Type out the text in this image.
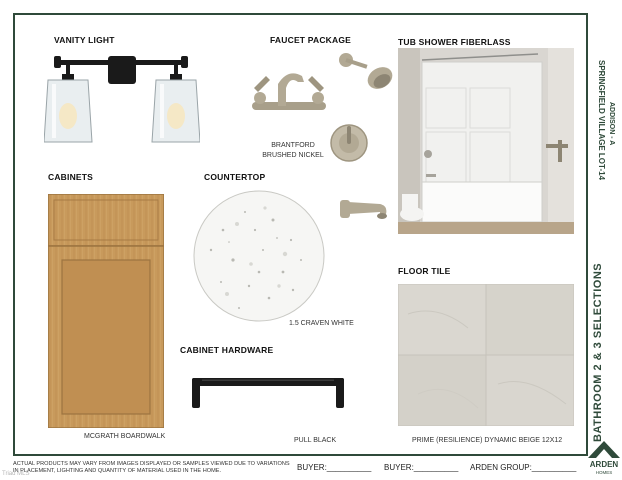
VANITY LIGHT	FAUCET PACKAGE	TUB SHOWER FIBERLASS
CABINETS	COUNTERTOP
FLOOR TILE
CABINET HARDWARE
BRANTFORD
BRUSHED NICKEL
MCGRATH BOARDWALK
1.5 CRAVEN WHITE
PULL BLACK	PRIME (RESILIENCE) DYNAMIC BEIGE 12X12
SPRINGFIELD VILLAGE LOT-14 ADDISON - A
BATHROOM 2 & 3 SELECTIONS
ACTUAL PRODUCTS MAY VARY FROM IMAGES DISPLAYED OR SAMPLES VIEWED DUE TO VARIATIONS IN PLACEMENT, LIGHTING AND QUANTITY OF MATERIAL USED IN THE HOME.	BUYER:__________ BUYER:__________ ARDEN GROUP:__________	ARDEN
HOMES
Triad MLS
